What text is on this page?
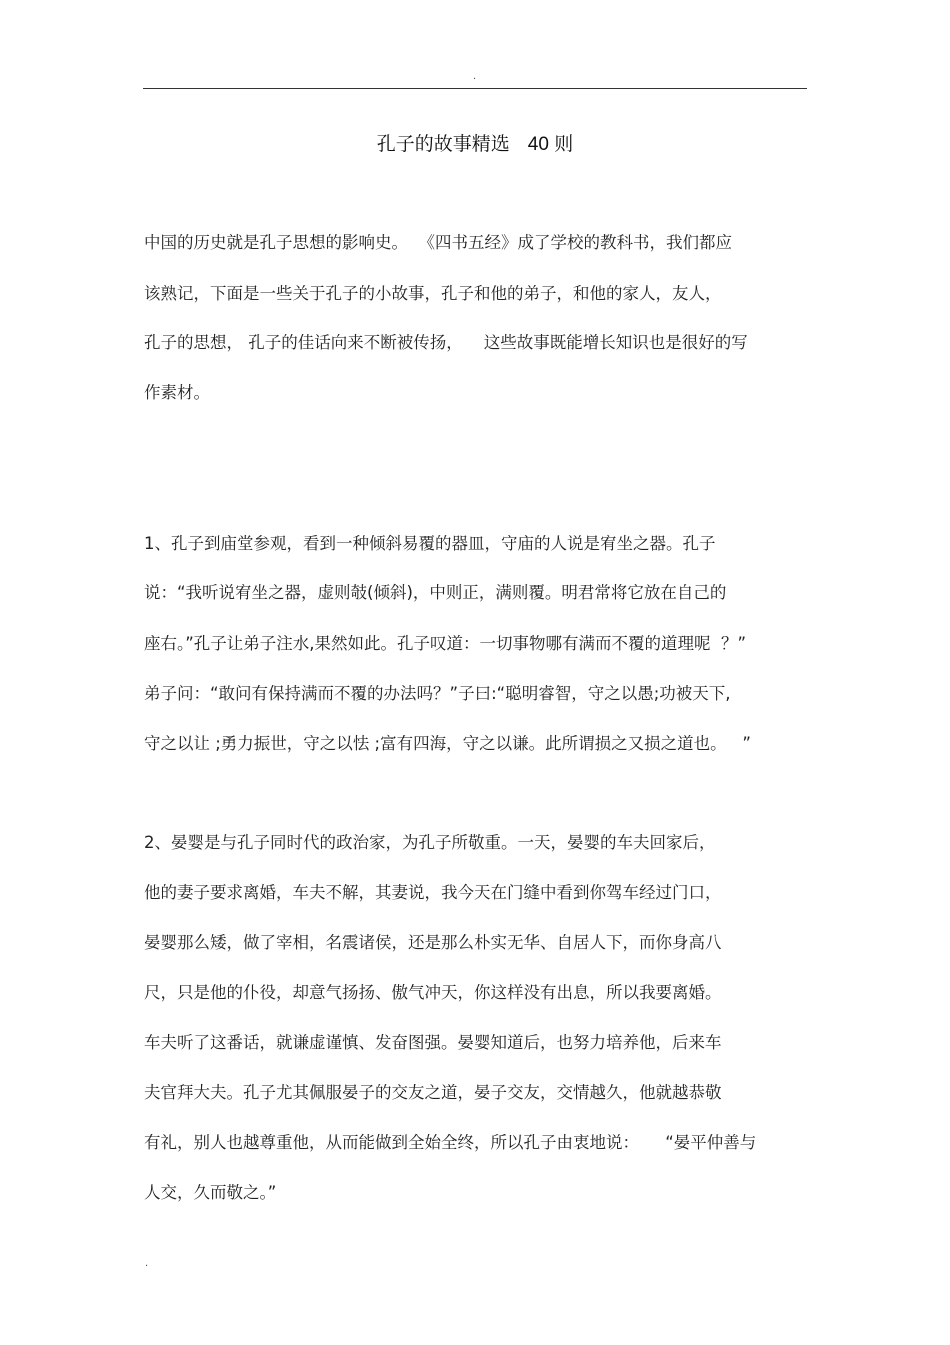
.
孔子的故事精选 40 则
中国的历史就是孔子思想的影响史。  《四书五经》成了学校的教科书，我们都应
该熟记，下面是一些关于孔子的小故事，孔子和他的弟子，和他的家人，友人，
孔子的思想， 孔子的佳话向来不断被传扬，    这些故事既能增长知识也是很好的写
作素材。
1、孔子到庙堂参观，看到一种倾斜易覆的器皿，守庙的人说是宥坐之器。孔子
说：“我听说宥坐之器，虚则攲(倾斜)，中则正，满则覆。明君常将它放在自己的
座右。”孔子让弟子注水,果然如此。孔子叹道：一切事物哪有满而不覆的道理呢  ？”
弟子问：“敢问有保持满而不覆的办法吗？”子曰:“聪明睿智，守之以愚;功被天下,
守之以让 ;勇力振世，守之以怯 ;富有四海，守之以谦。此所谓损之又损之道也。   ”
2、晏婴是与孔子同时代的政治家，为孔子所敬重。一天，晏婴的车夫回家后，
他的妻子要求离婚，车夫不解，其妻说，我今天在门缝中看到你驾车经过门口，
晏婴那么矮，做了宰相，名震诸侯，还是那么朴实无华、自居人下，而你身高八
尺，只是他的仆役，却意气扬扬、傲气冲天，你这样没有出息，所以我要离婚。
车夫听了这番话，就谦虚谨慎、发奋图强。晏婴知道后，也努力培养他，后来车
夫官拜大夫。孔子尤其佩服晏子的交友之道，晏子交友，交情越久，他就越恭敬
有礼，别人也越尊重他，从而能做到全始全终，所以孔子由衷地说：     “晏平仲善与
人交，久而敬之。”
.
